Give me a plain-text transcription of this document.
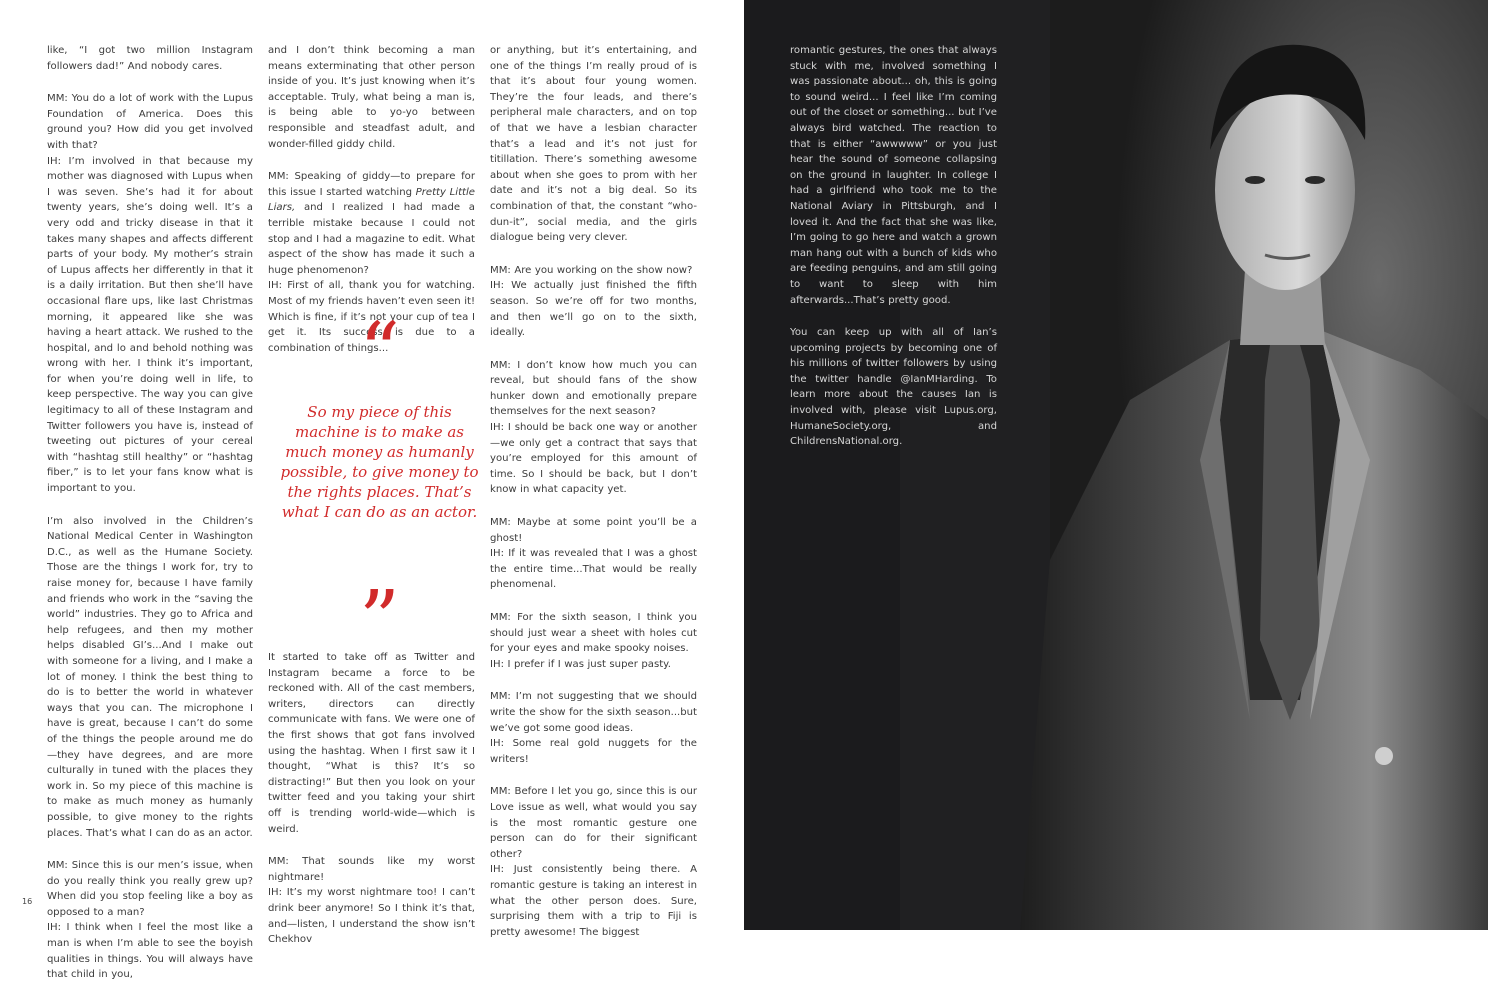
like, “I got two million Instagram followers dad!” And nobody cares.

MM: You do a lot of work with the Lupus Foundation of America. Does this ground you? How did you get involved with that?
IH: I’m involved in that because my mother was diagnosed with Lupus when I was seven. She’s had it for about twenty years, she’s doing well. It’s a very odd and tricky disease in that it takes many shapes and affects different parts of your body. My mother’s strain of Lupus affects her differently in that it is a daily irritation. But then she’ll have occasional flare ups, like last Christmas morning, it appeared like she was having a heart attack. We rushed to the hospital, and lo and behold nothing was wrong with her. I think it’s important, for when you’re doing well in life, to keep perspective. The way you can give legitimacy to all of these Instagram and Twitter followers you have is, instead of tweeting out pictures of your cereal with “hashtag still healthy” or “hashtag fiber,” is to let your fans know what is important to you.

I’m also involved in the Children’s National Medical Center in Washington D.C., as well as the Humane Society. Those are the things I work for, try to raise money for, because I have family and friends who work in the “saving the world” industries. They go to Africa and help refugees, and then my mother helps disabled GI’s...And I make out with someone for a living, and I make a lot of money. I think the best thing to do is to better the world in whatever ways that you can. The microphone I have is great, because I can’t do some of the things the people around me do—they have degrees, and are more culturally in tuned with the places they work in. So my piece of this machine is to make as much money as humanly possible, to give money to the rights places. That’s what I can do as an actor.

MM: Since this is our men’s issue, when do you really think you really grew up? When did you stop feeling like a boy as opposed to a man?
IH: I think when I feel the most like a man is when I’m able to see the boyish qualities in things. You will always have that child in you,

and I don’t think becoming a man means exterminating that other person inside of you. It’s just knowing when it’s acceptable. Truly, what being a man is, is being able to yo-yo between responsible and steadfast adult, and wonder-filled giddy child.

MM: Speaking of giddy—to prepare for this issue I started watching Pretty Little Liars, and I realized I had made a terrible mistake because I could not stop and I had a magazine to edit. What aspect of the show has made it such a huge phenomenon?
IH: First of all, thank you for watching. Most of my friends haven’t even seen it! Which is fine, if it’s not your cup of tea I get it. Its success is due to a combination of things...

“
So my piece of this machine is to make as much money as humanly possible, to give money to the rights places. That’s what I can do as an actor.
”

It started to take off as Twitter and Instagram became a force to be reckoned with. All of the cast members, writers, directors can directly communicate with fans. We were one of the first shows that got fans involved using the hashtag. When I first saw it I thought, “What is this? It’s so distracting!” But then you look on your twitter feed and you taking your shirt off is trending world-wide—which is weird.

MM: That sounds like my worst nightmare!
IH: It’s my worst nightmare too! I can’t drink beer anymore! So I think it’s that, and—listen, I understand the show isn’t Chekhov

or anything, but it’s entertaining, and one of the things I’m really proud of is that it’s about four young women. They’re the four leads, and there’s peripheral male characters, and on top of that we have a lesbian character that’s a lead and it’s not just for titillation. There’s something awesome about when she goes to prom with her date and it’s not a big deal. So its combination of that, the constant “who-dun-it”, social media, and the girls dialogue being very clever.

MM: Are you working on the show now?
IH: We actually just finished the fifth season. So we’re off for two months, and then we’ll go on to the sixth, ideally.

MM: I don’t know how much you can reveal, but should fans of the show hunker down and emotionally prepare themselves for the next season?
IH: I should be back one way or another—we only get a contract that says that you’re employed for this amount of time. So I should be back, but I don’t know in what capacity yet.

MM: Maybe at some point you’ll be a ghost!
IH: If it was revealed that I was a ghost the entire time...That would be really phenomenal.

MM: For the sixth season, I think you should just wear a sheet with holes cut for your eyes and make spooky noises.
IH: I prefer if I was just super pasty.

MM: I’m not suggesting that we should write the show for the sixth season...but we’ve got some good ideas.
IH: Some real gold nuggets for the writers!

MM: Before I let you go, since this is our Love issue as well, what would you say is the most romantic gesture one person can do for their significant other?
IH: Just consistently being there. A romantic gesture is taking an interest in what the other person does. Sure, surprising them with a trip to Fiji is pretty awesome! The biggest

16

romantic gestures, the ones that always stuck with me, involved something I was passionate about... oh, this is going to sound weird... I feel like I’m coming out of the closet or something... but I’ve always bird watched. The reaction to that is either “awwwww” or you just hear the sound of someone collapsing on the ground in laughter. In college I had a girlfriend who took me to the National Aviary in Pittsburgh, and I loved it. And the fact that she was like, I’m going to go here and watch a grown man hang out with a bunch of kids who are feeding penguins, and am still going to want to sleep with him afterwards...That’s pretty good.

You can keep up with all of Ian’s upcoming projects by becoming one of his millions of twitter followers by using the twitter handle @IanMHarding. To learn more about the causes Ian is involved with, please visit Lupus.org, HumaneSociety.org, and ChildrensNational.org.
